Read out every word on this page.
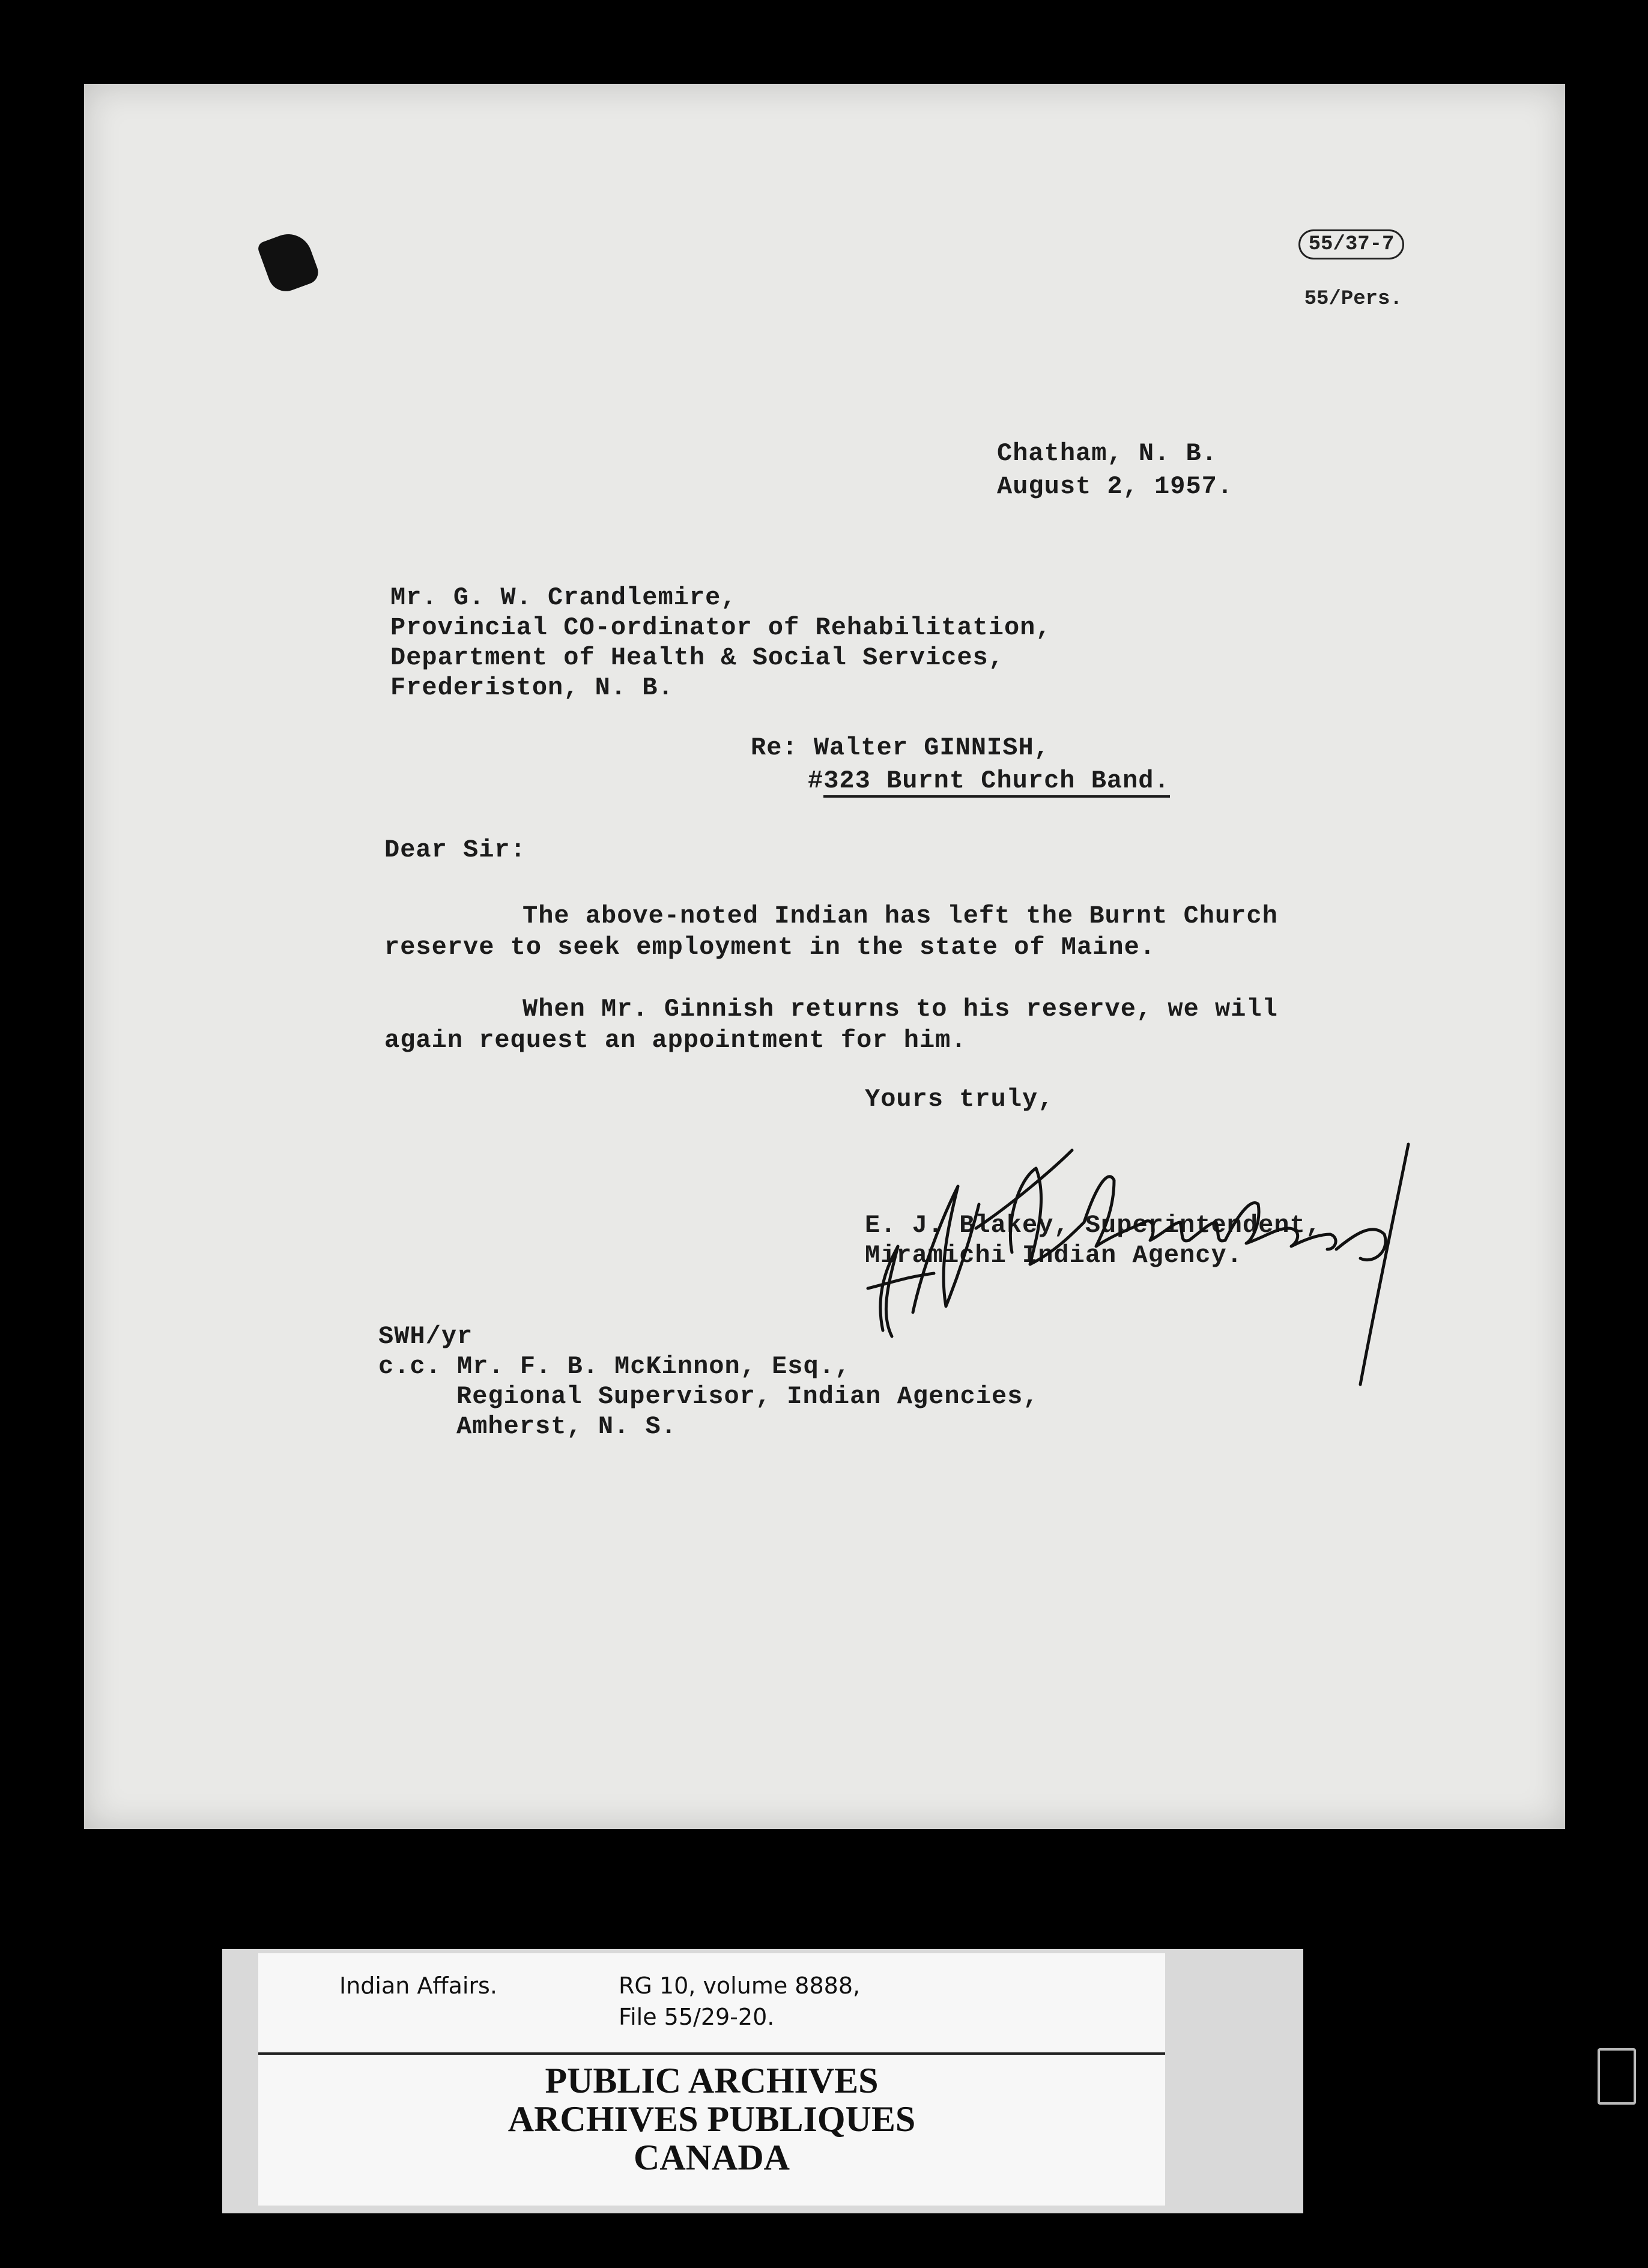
55/37-7

55/Pers.

Chatham, N. B.
August 2, 1957.
Mr. G. W. Crandlemire,
Provincial CO-ordinator of Rehabilitation,
Department of Health & Social Services,
Frederiston, N. B.
Re: Walter GINNISH,
#323 Burnt Church Band.
Dear Sir:
The above-noted Indian has left the Burnt Church
reserve to seek employment in the state of Maine.
When Mr. Ginnish returns to his reserve, we will
again request an appointment for him.
Yours truly,
E. J. Blakey, Superintendent,
Miramichi Indian Agency.
SWH/yr
c.c. Mr. F. B. McKinnon, Esq.,
Regional Supervisor, Indian Agencies,
Amherst, N. S.
Indian Affairs.	RG 10, volume 8888,
File 55/29-20.
PUBLIC ARCHIVES
ARCHIVES PUBLIQUES
CANADA
